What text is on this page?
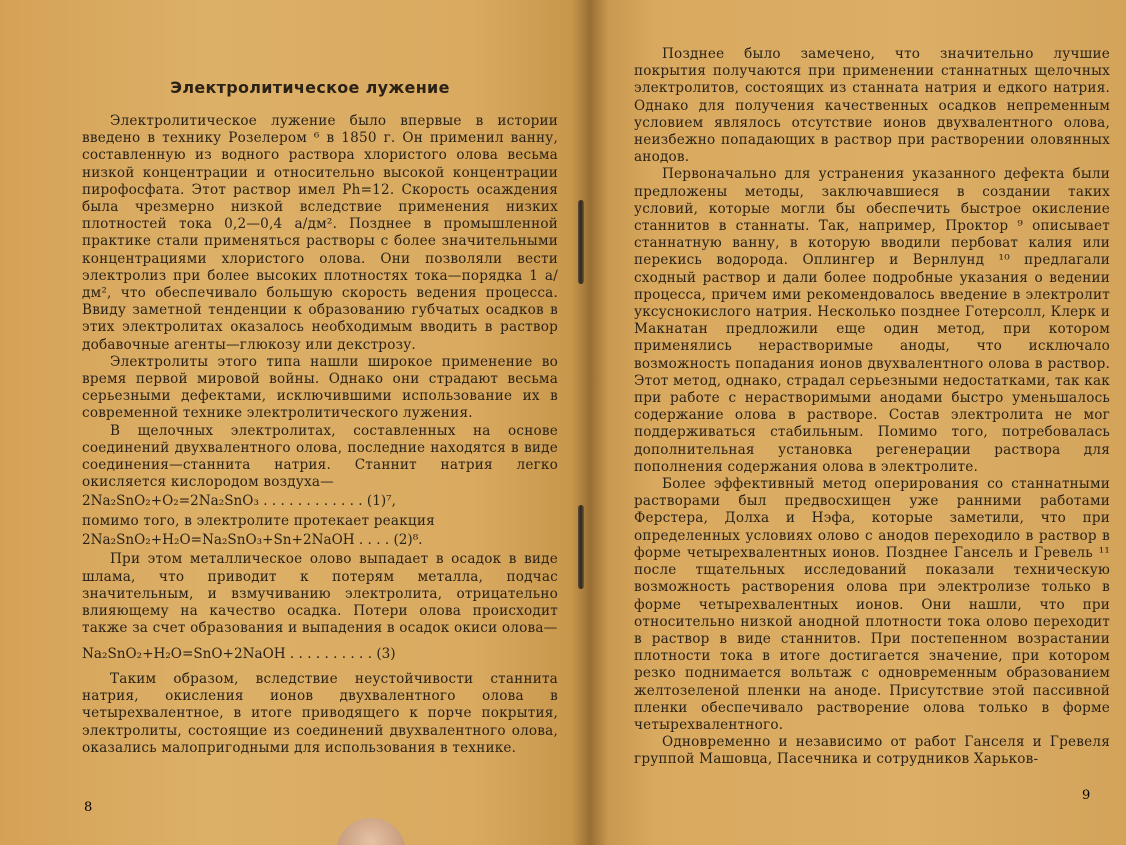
Электролитическое лужение

Электролитическое лужение было впервые в истории введено в технику Розелером ⁶ в 1850 г. Он применил ванну, составленную из водного раствора хлористого олова весьма низкой концентрации и относительно высокой концентрации пирофосфата. Этот раствор имел Ph=12. Скорость осаждения была чрезмерно низкой вследствие применения низких плотностей тока 0,2—0,4 а/дм². Позднее в промышленной практике стали применяться растворы с более значительными концентрациями хлористого олова. Они позволяли вести электролиз при более высоких плотностях тока—порядка 1 а/дм², что обеспечивало большую скорость ведения процесса. Ввиду заметной тенденции к образованию губчатых осадков в этих электролитах оказалось необходимым вводить в раствор добавочные агенты—глюкозу или декстрозу.

Электролиты этого типа нашли широкое применение во время первой мировой войны. Однако они страдают весьма серьезными дефектами, исключившими использование их в современной технике электролитического лужения.

В щелочных электролитах, составленных на основе соединений двухвалентного олова, последние находятся в виде соединения—станнита натрия. Станнит натрия легко окисляется кислородом воздуха—

2Na₂SnO₂+O₂=2Na₂SnO₃ . . . . . . . . . . . . (1)⁷,

помимо того, в электролите протекает реакция

2Na₂SnO₂+H₂O=Na₂SnO₃+Sn+2NaOH . . . . (2)⁸.

При этом металлическое олово выпадает в осадок в виде шлама, что приводит к потерям металла, подчас значительным, и взмучиванию электролита, отрицательно влияющему на качество осадка. Потери олова происходит также за счет образования и выпадения в осадок окиси олова—

Na₂SnO₂+H₂O=SnO+2NaOH . . . . . . . . . . (3)

Таким образом, вследствие неустойчивости станнита натрия, окисления ионов двухвалентного олова в четырехвалентное, в итоге приводящего к порче покрытия, электролиты, состоящие из соединений двухвалентного олова, оказались малопригодными для использования в технике.

8

Позднее было замечено, что значительно лучшие покрытия получаются при применении станнатных щелочных электролитов, состоящих из станната натрия и едкого натрия. Однако для получения качественных осадков непременным условием являлось отсутствие ионов двухвалентного олова, неизбежно попадающих в раствор при растворении оловянных анодов.

Первоначально для устранения указанного дефекта были предложены методы, заключавшиеся в создании таких условий, которые могли бы обеспечить быстрое окисление станнитов в станнаты. Так, например, Проктор ⁹ описывает станнатную ванну, в которую вводили пербоват калия или перекись водорода. Оплингер и Вернлунд ¹⁰ предлагали сходный раствор и дали более подробные указания о ведении процесса, причем ими рекомендовалось введение в электролит уксуснокислого натрия. Несколько позднее Готерсолл, Клерк и Макнатан предложили еще один метод, при котором применялись нерастворимые аноды, что исключало возможность попадания ионов двухвалентного олова в раствор. Этот метод, однако, страдал серьезными недостатками, так как при работе с нерастворимыми анодами быстро уменьшалось содержание олова в растворе. Состав электролита не мог поддерживаться стабильным. Помимо того, потребовалась дополнительная установка регенерации раствора для пополнения содержания олова в электролите.

Более эффективный метод оперирования со станнатными растворами был предвосхищен уже ранними работами Ферстера, Долха и Нэфа, которые заметили, что при определенных условиях олово с анодов переходило в раствор в форме четырехвалентных ионов. Позднее Гансель и Гревель ¹¹ после тщательных исследований показали техническую возможность растворения олова при электролизе только в форме четырехвалентных ионов. Они нашли, что при относительно низкой анодной плотности тока олово переходит в раствор в виде станнитов. При постепенном возрастании плотности тока в итоге достигается значение, при котором резко поднимается вольтаж с одновременным образованием желтозеленой пленки на аноде. Присутствие этой пассивной пленки обеспечивало растворение олова только в форме четырехвалентного.

Одновременно и независимо от работ Ганселя и Гревеля группой Машовца, Пасечника и сотрудников Харьков-

9
